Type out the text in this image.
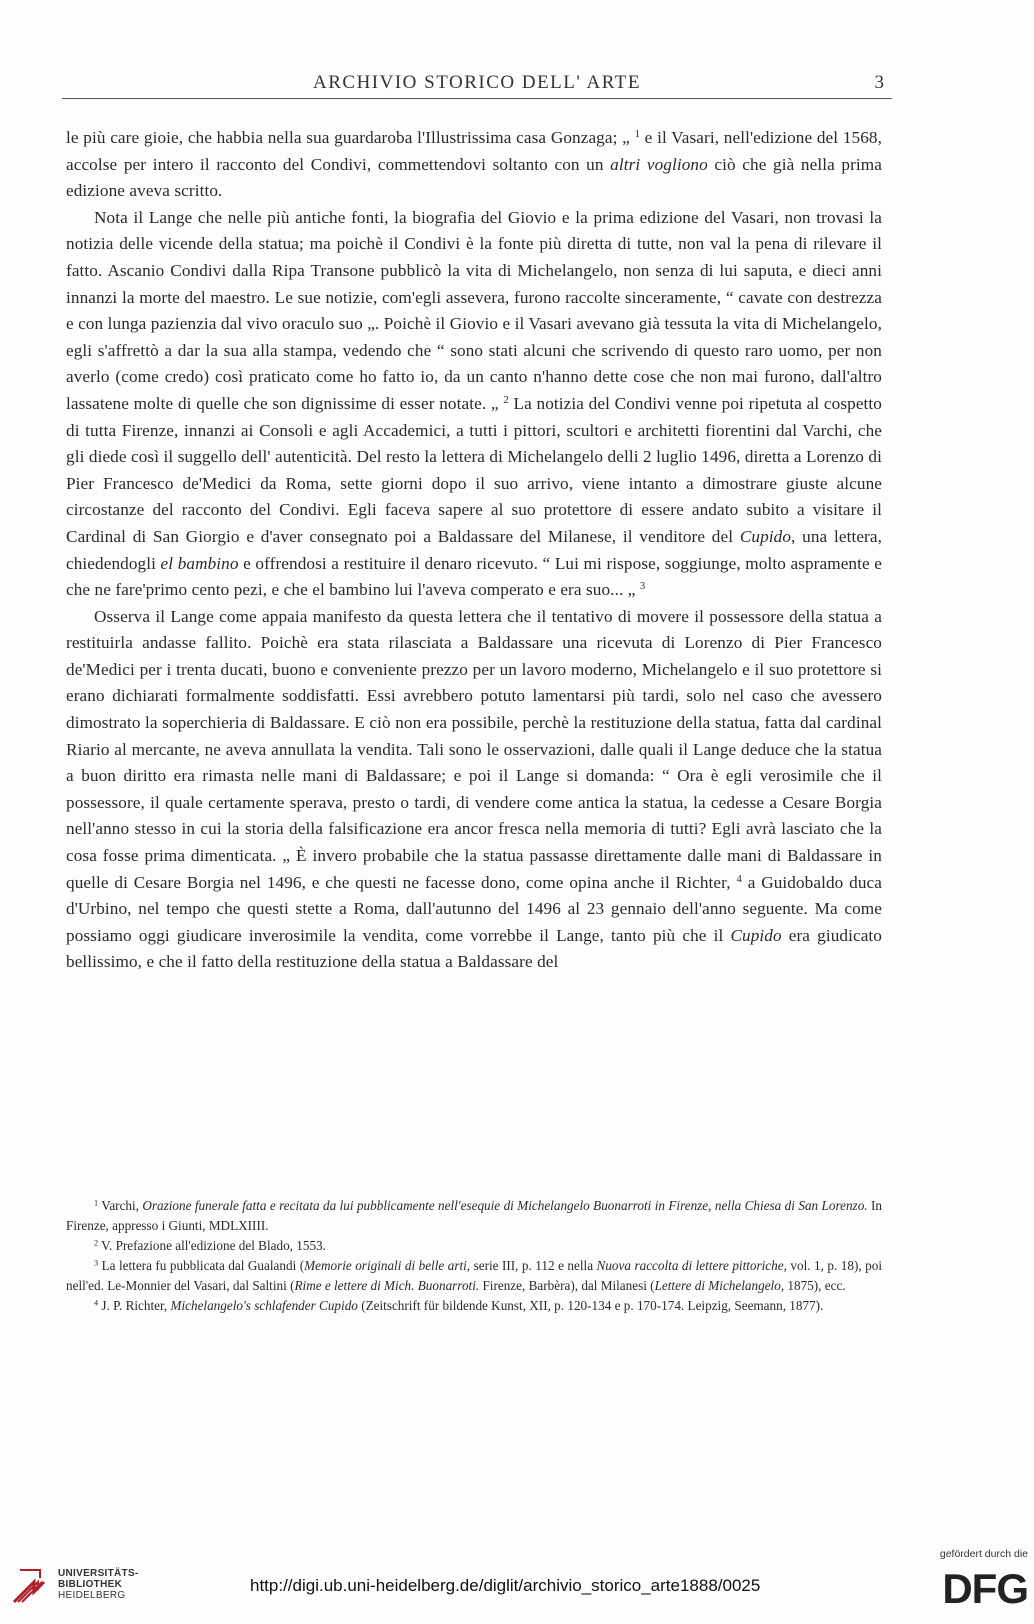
ARCHIVIO STORICO DELL' ARTE	3

le più care gioie, che habbia nella sua guardaroba l'Illustrissima casa Gonzaga; „ $^1$ e il Vasari, nell'edizione del 1568, accolse per intero il racconto del Condivi, commettendovi soltanto con un altri vogliono ciò che già nella prima edizione aveva scritto.

Nota il Lange che nelle più antiche fonti, la biografia del Giovio e la prima edizione del Vasari, non trovasi la notizia delle vicende della statua; ma poichè il Condivi è la fonte più diretta di tutte, non val la pena di rilevare il fatto. Ascanio Condivi dalla Ripa Transone pubblicò la vita di Michelangelo, non senza di lui saputa, e dieci anni innanzi la morte del maestro. Le sue notizie, com'egli assevera, furono raccolte sinceramente, “ cavate con destrezza e con lunga pazienzia dal vivo oraculo suo „. Poichè il Giovio e il Vasari avevano già tessuta la vita di Michelangelo, egli s'affrettò a dar la sua alla stampa, vedendo che “ sono stati alcuni che scrivendo di questo raro uomo, per non averlo (come credo) così praticato come ho fatto io, da un canto n'hanno dette cose che non mai furono, dall'altro lassatene molte di quelle che son dignissime di esser notate. „ $^2$ La notizia del Condivi venne poi ripetuta al cospetto di tutta Firenze, innanzi ai Consoli e agli Accademici, a tutti i pittori, scultori e architetti fiorentini dal Varchi, che gli diede così il suggello dell' autenticità. Del resto la lettera di Michelangelo delli 2 luglio 1496, diretta a Lorenzo di Pier Francesco de'Medici da Roma, sette giorni dopo il suo arrivo, viene intanto a dimostrare giuste alcune circostanze del racconto del Condivi. Egli faceva sapere al suo protettore di essere andato subito a visitare il Cardinal di San Giorgio e d'aver consegnato poi a Baldassare del Milanese, il venditore del Cupido, una lettera, chiedendogli el bambino e offrendosi a restituire il denaro ricevuto. “ Lui mi rispose, soggiunge, molto aspramente e che ne fare'primo cento pezi, e che el bambino lui l'aveva comperato e era suo... „ $^3$

Osserva il Lange come appaia manifesto da questa lettera che il tentativo di movere il possessore della statua a restituirla andasse fallito. Poichè era stata rilasciata a Baldassare una ricevuta di Lorenzo di Pier Francesco de'Medici per i trenta ducati, buono e conveniente prezzo per un lavoro moderno, Michelangelo e il suo protettore si erano dichiarati formalmente soddisfatti. Essi avrebbero potuto lamentarsi più tardi, solo nel caso che avessero dimostrato la soperchieria di Baldassare. E ciò non era possibile, perchè la restituzione della statua, fatta dal cardinal Riario al mercante, ne aveva annullata la vendita. Tali sono le osservazioni, dalle quali il Lange deduce che la statua a buon diritto era rimasta nelle mani di Baldassare; e poi il Lange si domanda: “ Ora è egli verosimile che il possessore, il quale certamente sperava, presto o tardi, di vendere come antica la statua, la cedesse a Cesare Borgia nell'anno stesso in cui la storia della falsificazione era ancor fresca nella memoria di tutti? Egli avrà lasciato che la cosa fosse prima dimenticata. „ È invero probabile che la statua passasse direttamente dalle mani di Baldassare in quelle di Cesare Borgia nel 1496, e che questi ne facesse dono, come opina anche il Richter, $^4$ a Guidobaldo duca d'Urbino, nel tempo che questi stette a Roma, dall'autunno del 1496 al 23 gennaio dell'anno seguente. Ma come possiamo oggi giudicare inverosimile la vendita, come vorrebbe il Lange, tanto più che il Cupido era giudicato bellissimo, e che il fatto della restituzione della statua a Baldassare del

$^1$ Varchi, Orazione funerale fatta e recitata da lui pubblicamente nell'esequie di Michelangelo Buonarroti in Firenze, nella Chiesa di San Lorenzo. In Firenze, appresso i Giunti, MDLXIIII.

$^2$ V. Prefazione all'edizione del Blado, 1553.

$^3$ La lettera fu pubblicata dal Gualandi (Memorie originali di belle arti, serie III, p. 112 e nella Nuova raccolta di lettere pittoriche, vol. 1, p. 18), poi nell'ed. Le-Monnier del Vasari, dal Saltini (Rime e lettere di Mich. Buonarroti. Firenze, Barbèra), dal Milanesi (Lettere di Michelangelo, 1875), ecc.

$^4$ J. P. Richter, Michelangelo's schlafender Cupido (Zeitschrift für bildende Kunst, XII, p. 120-134 e p. 170-174. Leipzig, Seemann, 1877).

UNIVERSITÄTS-
BIBLIOTHEK
HEIDELBERG
http://digi.ub.uni-heidelberg.de/diglit/archivio_storico_arte1888/0025
gefördert durch die
DFG
